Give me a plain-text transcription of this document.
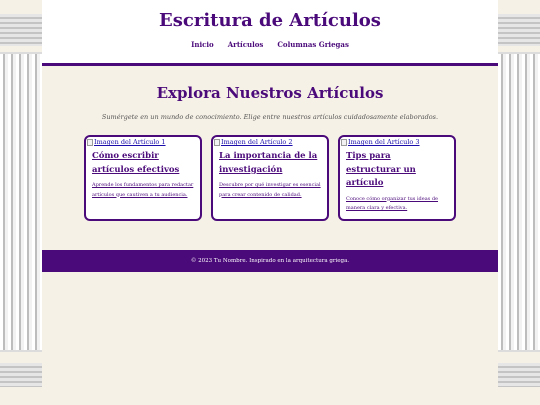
Escritura de Artículos
Inicio Artículos Columnas Griegas
Explora Nuestros Artículos

Sumérgete en un mundo de conocimiento. Elige entre nuestros artículos cuidadosamente elaborados.

Imagen del Artículo 1
Cómo escribir artículos efectivos
Aprende los fundamentos para redactar artículos que cautiven a tu audiencia.
Imagen del Artículo 2
La importancia de la investigación
Descubre por qué investigar es esencial para crear contenido de calidad.
Imagen del Artículo 3
Tips para estructurar un artículo
Conoce cómo organizar tus ideas de manera clara y efectiva.
© 2023 Tu Nombre. Inspirado en la arquitectura griega.
